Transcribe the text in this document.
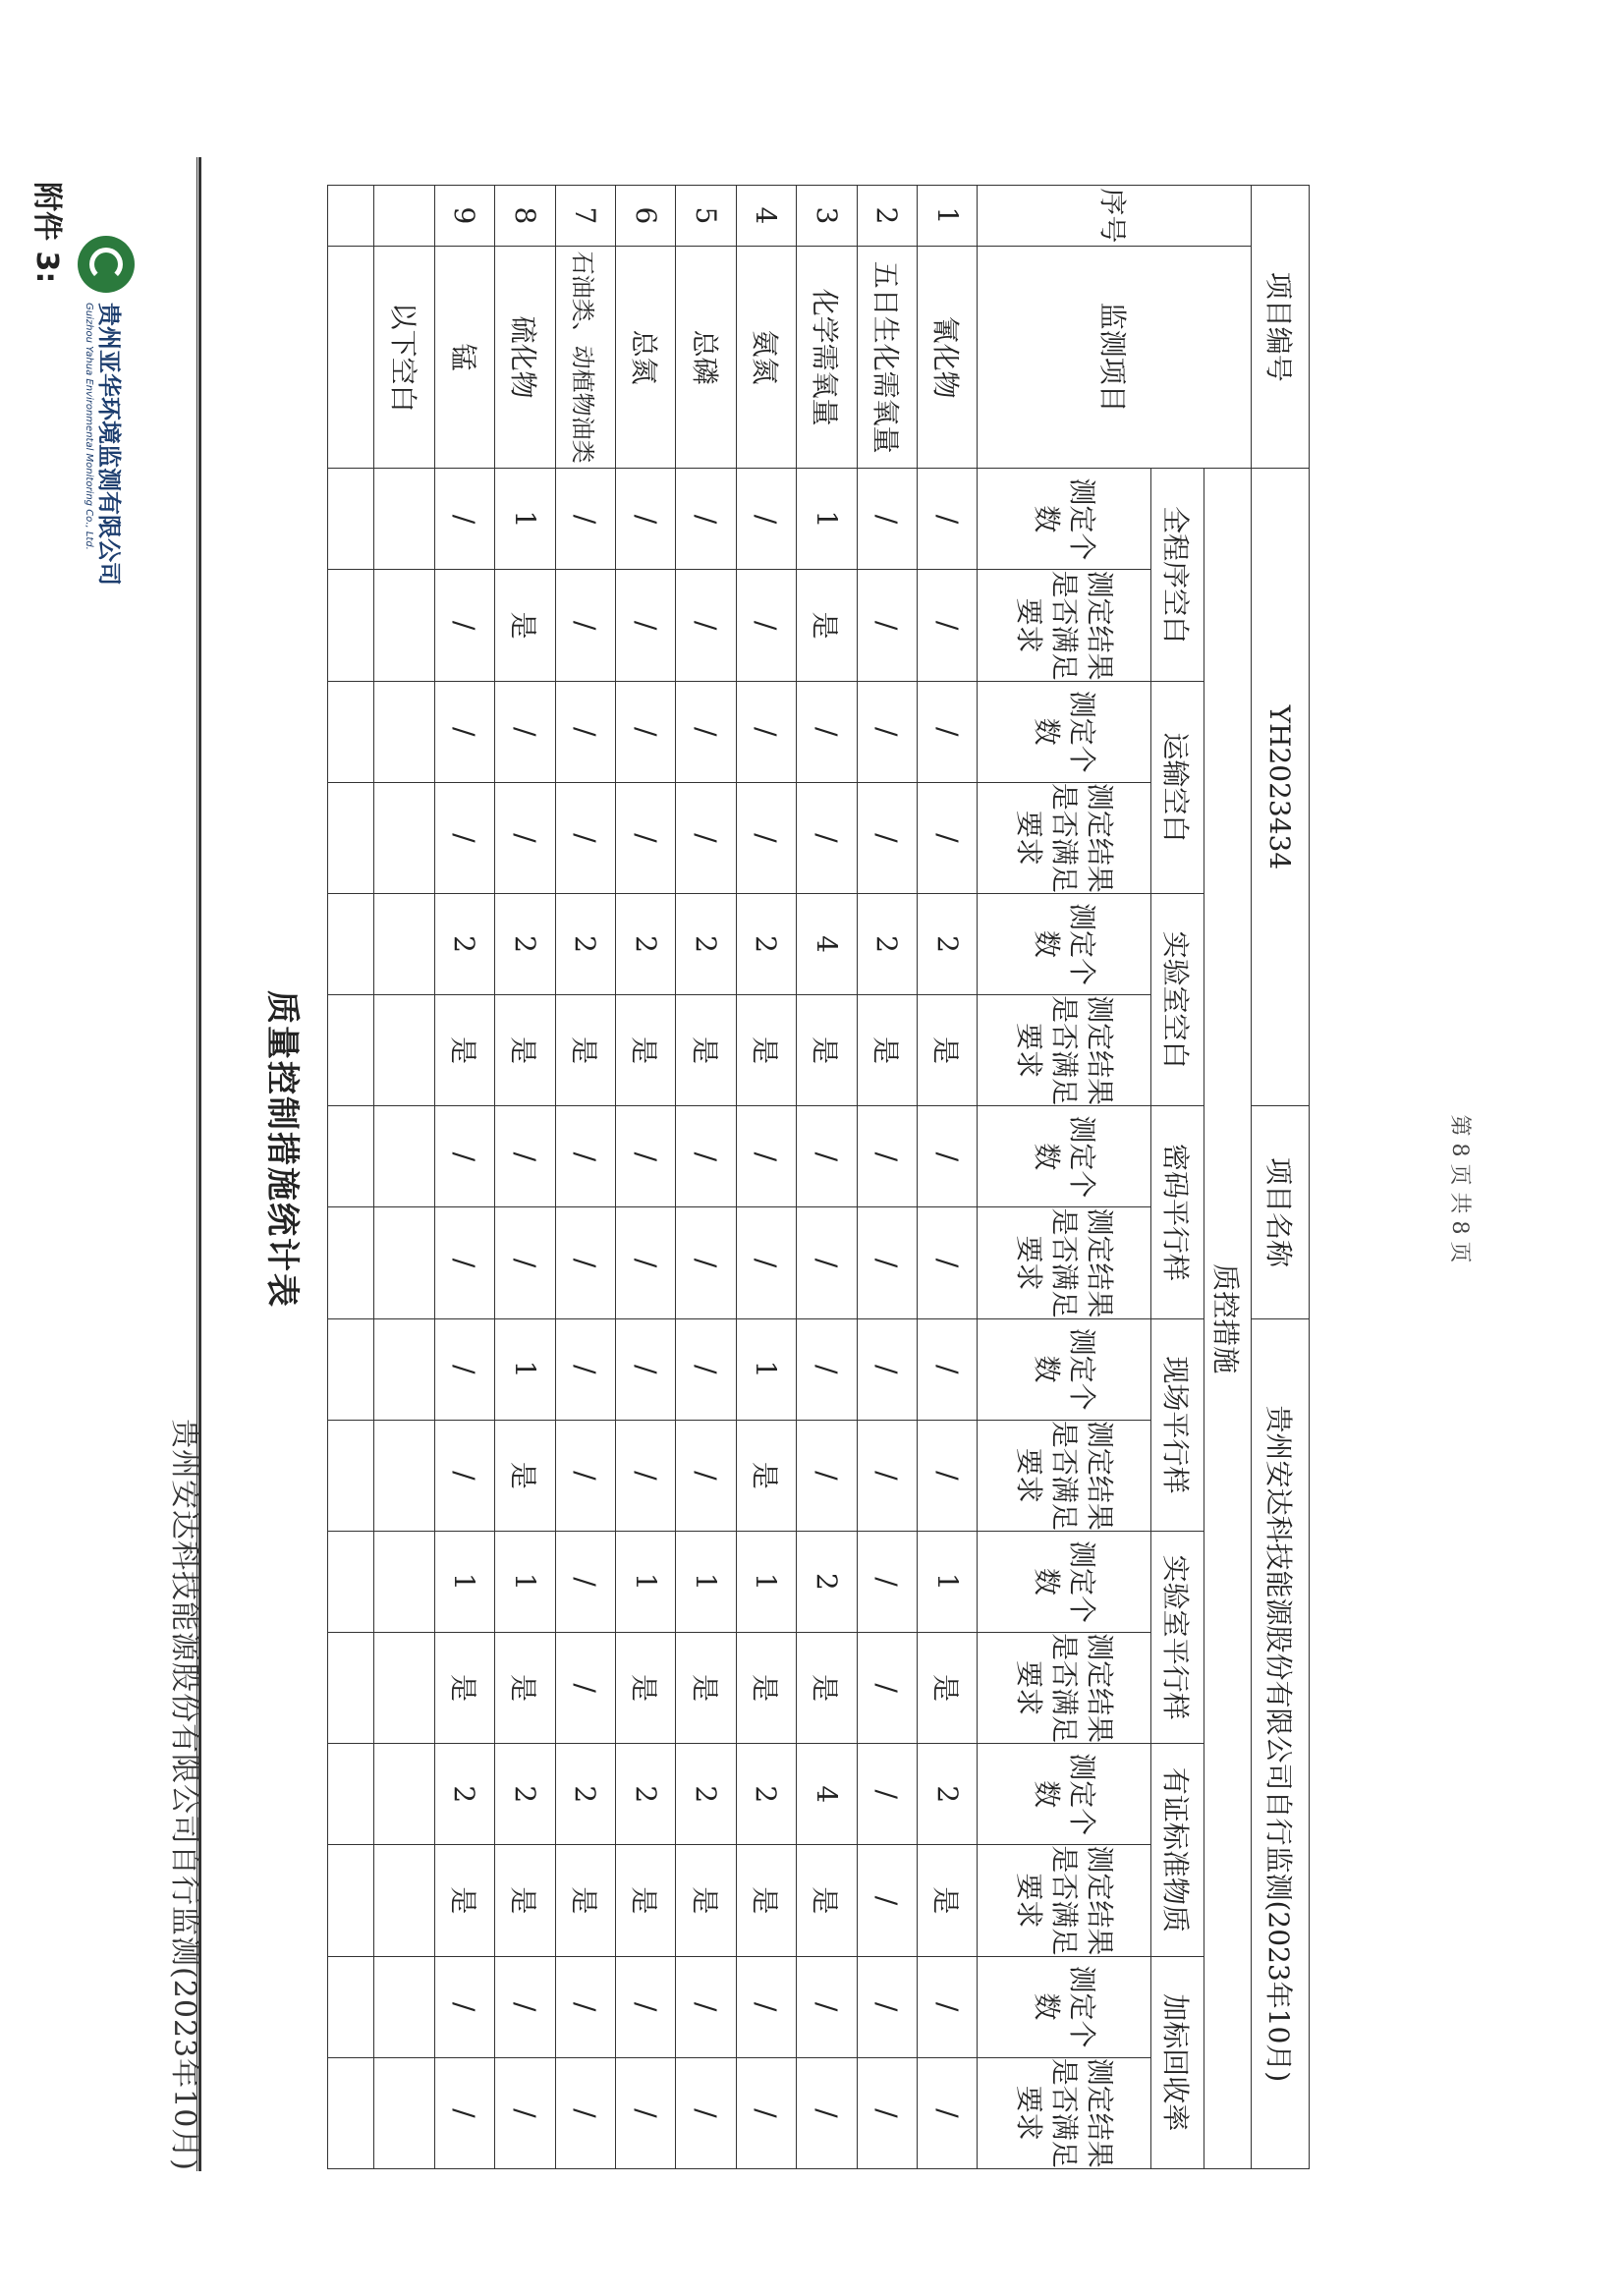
贵州安达科技能源股份有限公司自行监测(2023年10月)
贵州亚华环境监测有限公司
Guizhou Yahua Environmental Monitoring Co., Ltd.
附件 3:
质量控制措施统计表
项目编号		YH2023434						项目名称		贵州安达科技能源股份有限公司自行监测(2023年10月)							
序号	监测项目	质控措施															
		全程序空白		运输空白		实验室空白		密码平行样		现场平行样		实验室平行样		有证标准物质		加标回收率	
		测定个数	测定结果是否满足要求	测定个数	测定结果是否满足要求	测定个数	测定结果是否满足要求	测定个数	测定结果是否满足要求	测定个数	测定结果是否满足要求	测定个数	测定结果是否满足要求	测定个数	测定结果是否满足要求	测定个数	测定结果是否满足要求
1	氰化物	/	/	/	/	2	是	/	/	/	/	1	是	2	是	/	/
2	五日生化需氧量	/	/	/	/	2	是	/	/	/	/	/	/	/	/	/	/
3	化学需氧量	1	是	/	/	4	是	/	/	/	/	2	是	4	是	/	/
4	氨氮	/	/	/	/	2	是	/	/	1	是	1	是	2	是	/	/
5	总磷	/	/	/	/	2	是	/	/	/	/	1	是	2	是	/	/
6	总氮	/	/	/	/	2	是	/	/	/	/	1	是	2	是	/	/
7	石油类、动植物油类	/	/	/	/	2	是	/	/	/	/	/	/	2	是	/	/
8	硫化物	1	是	/	/	2	是	/	/	1	是	1	是	2	是	/	/
9	锰	/	/	/	/	2	是	/	/	/	/	1	是	2	是	/	/
	以下空白																

第 8 页 共 8 页
